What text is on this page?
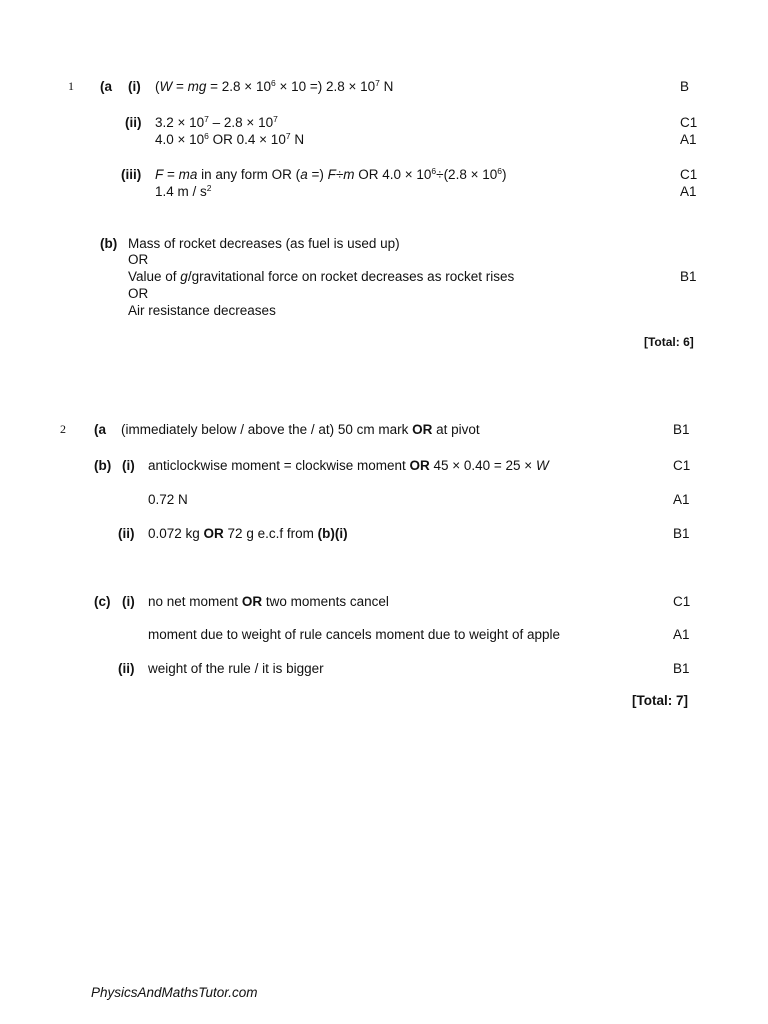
1 (a (i) (W = mg = $2.8 \times 10^6 \times 10$ =) $2.8 \times 10^7$ N	B
(ii) $3.2 \times 10^7 - 2.8 \times 10^7$	C1
$4.0 \times 10^6$ OR $0.4 \times 10^7$ N	A1
(iii) F = ma in any form OR (a =) F÷m OR $4.0 \times 10^6\div(2.8 \times 10^6)$	C1
1.4 m / $s^2$	A1
(b) Mass of rocket decreases (as fuel is used up)
OR
Value of g/gravitational force on rocket decreases as rocket rises	B1
OR
Air resistance decreases
[Total: 6]
2 (a (immediately below / above the / at) 50 cm mark OR at pivot	B1
(b) (i) anticlockwise moment = clockwise moment OR 45 × 0.40 = 25 × W	C1
0.72 N	A1
(ii) 0.072 kg OR 72 g e.c.f from (b)(i)	B1
(c) (i) no net moment OR two moments cancel	C1
moment due to weight of rule cancels moment due to weight of apple	A1
(ii) weight of the rule / it is bigger	B1
[Total: 7]
PhysicsAndMathsTutor.com
